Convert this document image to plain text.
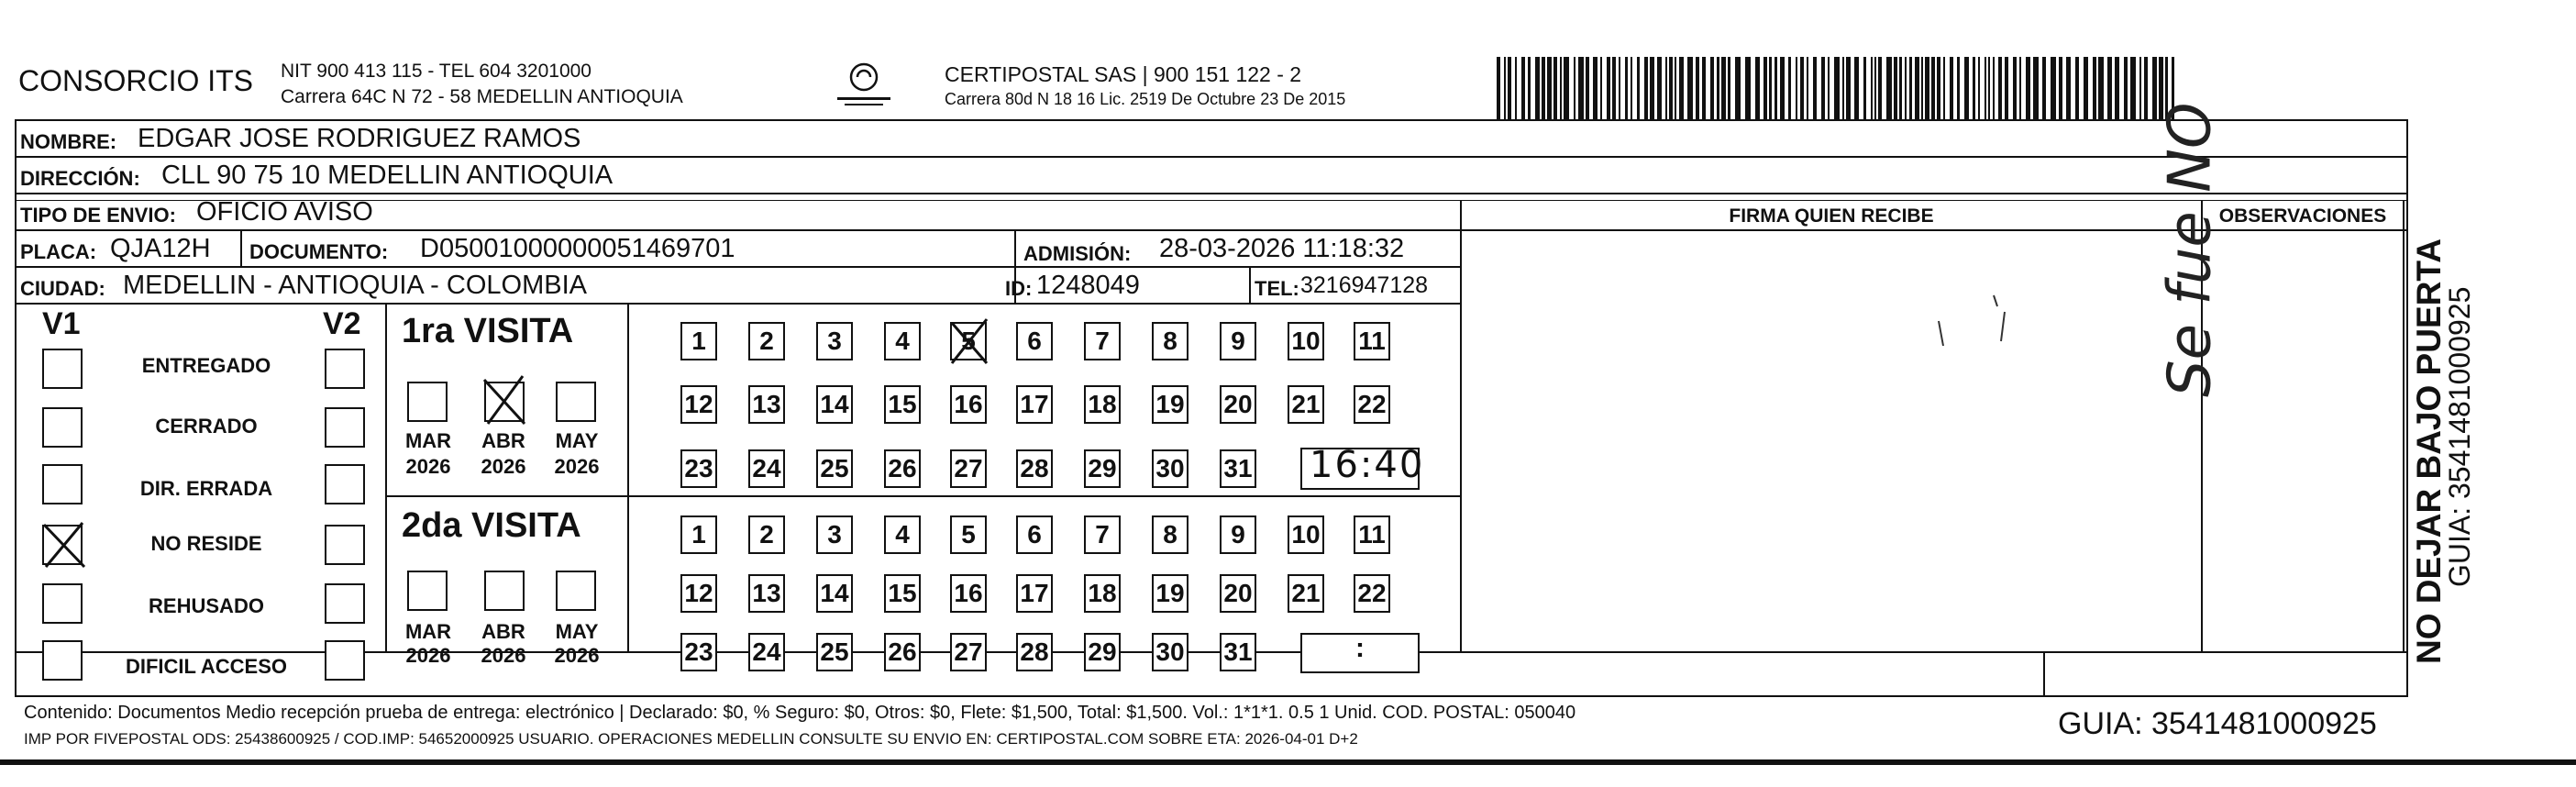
CONSORCIO ITS NIT 900 413 115 - TEL 604 3201000
Carrera 64C N 72 - 58 MEDELLIN ANTIOQUIA
CERTIPOSTAL SAS | 900 151 122 - 2
Carrera 80d N 18 16 Lic. 2519 De Octubre 23 De 2015
NOMBRE: EDGAR JOSE RODRIGUEZ RAMOS
DIRECCIÓN: CLL 90 75 10 MEDELLIN ANTIOQUIA
TIPO DE ENVIO: OFICIO AVISO
PLACA: QJA12H DOCUMENTO: D05001000000051469701	ADMISIÓN: 28-03-2026 11:18:32
CIUDAD: MEDELLIN - ANTIOQUIA - COLOMBIA	ID: 1248049	TEL: 3216947128
FIRMA QUIEN RECIBE	OBSERVACIONES
V1	V2
ENTREGADO
CERRADO
DIR. ERRADA
NO RESIDE
REHUSADO
DIFICIL ACCESO
1ra VISITA
MAR	ABR	MAY
2026	2026	2026
1	2	3	4	5	6	7	8	9	10 11
12 13 14 15 16 17 18 19 20 21 22
23 24 25 26 27 28 29 30 31 16:40
2da VISITA
MAR	ABR	MAY
2026	2026	2026
1	2	3	4	5	6	7	8	9	10 11
12 13 14 15 16 17 18 19 20 21 22
23 24 25 26 27 28 29 30 31	:
Se fue NO	NO DEJAR BAJO PUERTA
GUIA: 3541481000925
Contenido: Documentos Medio recepción prueba de entrega: electrónico | Declarado: $0, % Seguro: $0, Otros: $0, Flete: $1,500, Total: $1,500. Vol.: 1*1*1. 0.5 1 Unid. COD. POSTAL: 050040
IMP POR FIVEPOSTAL ODS: 25438600925 / COD.IMP: 54652000925 USUARIO. OPERACIONES MEDELLIN CONSULTE SU ENVIO EN: CERTIPOSTAL.COM SOBRE ETA: 2026-04-01 D+2	GUIA: 3541481000925
